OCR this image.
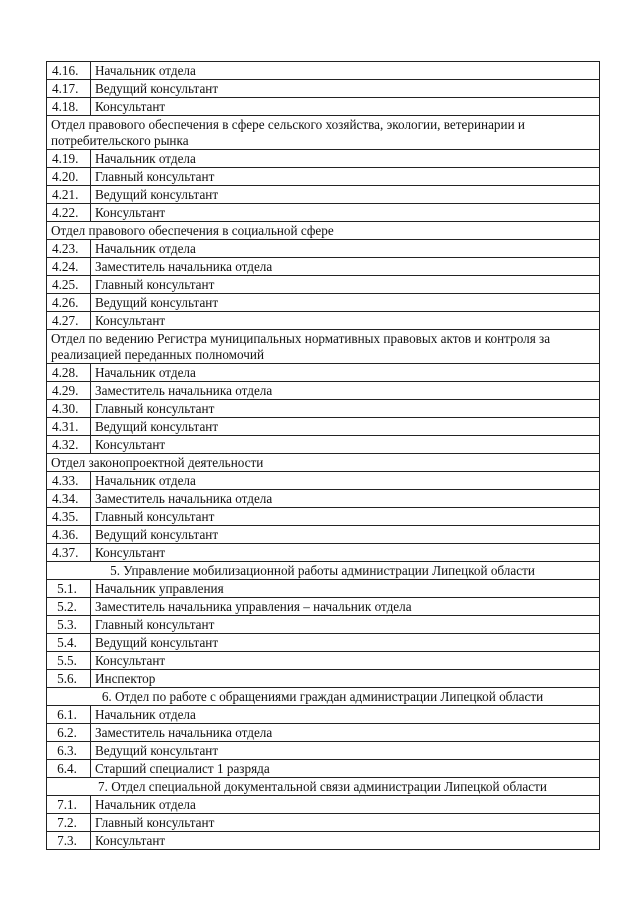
4.16.	Начальник отдела
4.17.	Ведущий консультант
4.18.	Консультант
Отдел правового обеспечения в сфере сельского хозяйства, экологии, ветеринарии и потребительского рынка	
4.19.	Начальник отдела
4.20.	Главный консультант
4.21.	Ведущий консультант
4.22.	Консультант
Отдел правового обеспечения в социальной сфере	
4.23.	Начальник отдела
4.24.	Заместитель начальника отдела
4.25.	Главный консультант
4.26.	Ведущий консультант
4.27.	Консультант
Отдел по ведению Регистра муниципальных нормативных правовых актов и контроля за реализацией переданных полномочий	
4.28.	Начальник отдела
4.29.	Заместитель начальника отдела
4.30.	Главный консультант
4.31.	Ведущий консультант
4.32.	Консультант
Отдел законопроектной деятельности	
4.33.	Начальник отдела
4.34.	Заместитель начальника отдела
4.35.	Главный консультант
4.36.	Ведущий консультант
4.37.	Консультант
5. Управление мобилизационной работы администрации Липецкой области	
5.1.	Начальник управления
5.2.	Заместитель начальника управления – начальник отдела
5.3.	Главный консультант
5.4.	Ведущий консультант
5.5.	Консультант
5.6.	Инспектор
6. Отдел по работе с обращениями граждан администрации Липецкой области	
6.1.	Начальник отдела
6.2.	Заместитель начальника отдела
6.3.	Ведущий консультант
6.4.	Старший специалист 1 разряда
7. Отдел специальной документальной связи администрации Липецкой области	
7.1.	Начальник отдела
7.2.	Главный консультант
7.3.	Консультант
